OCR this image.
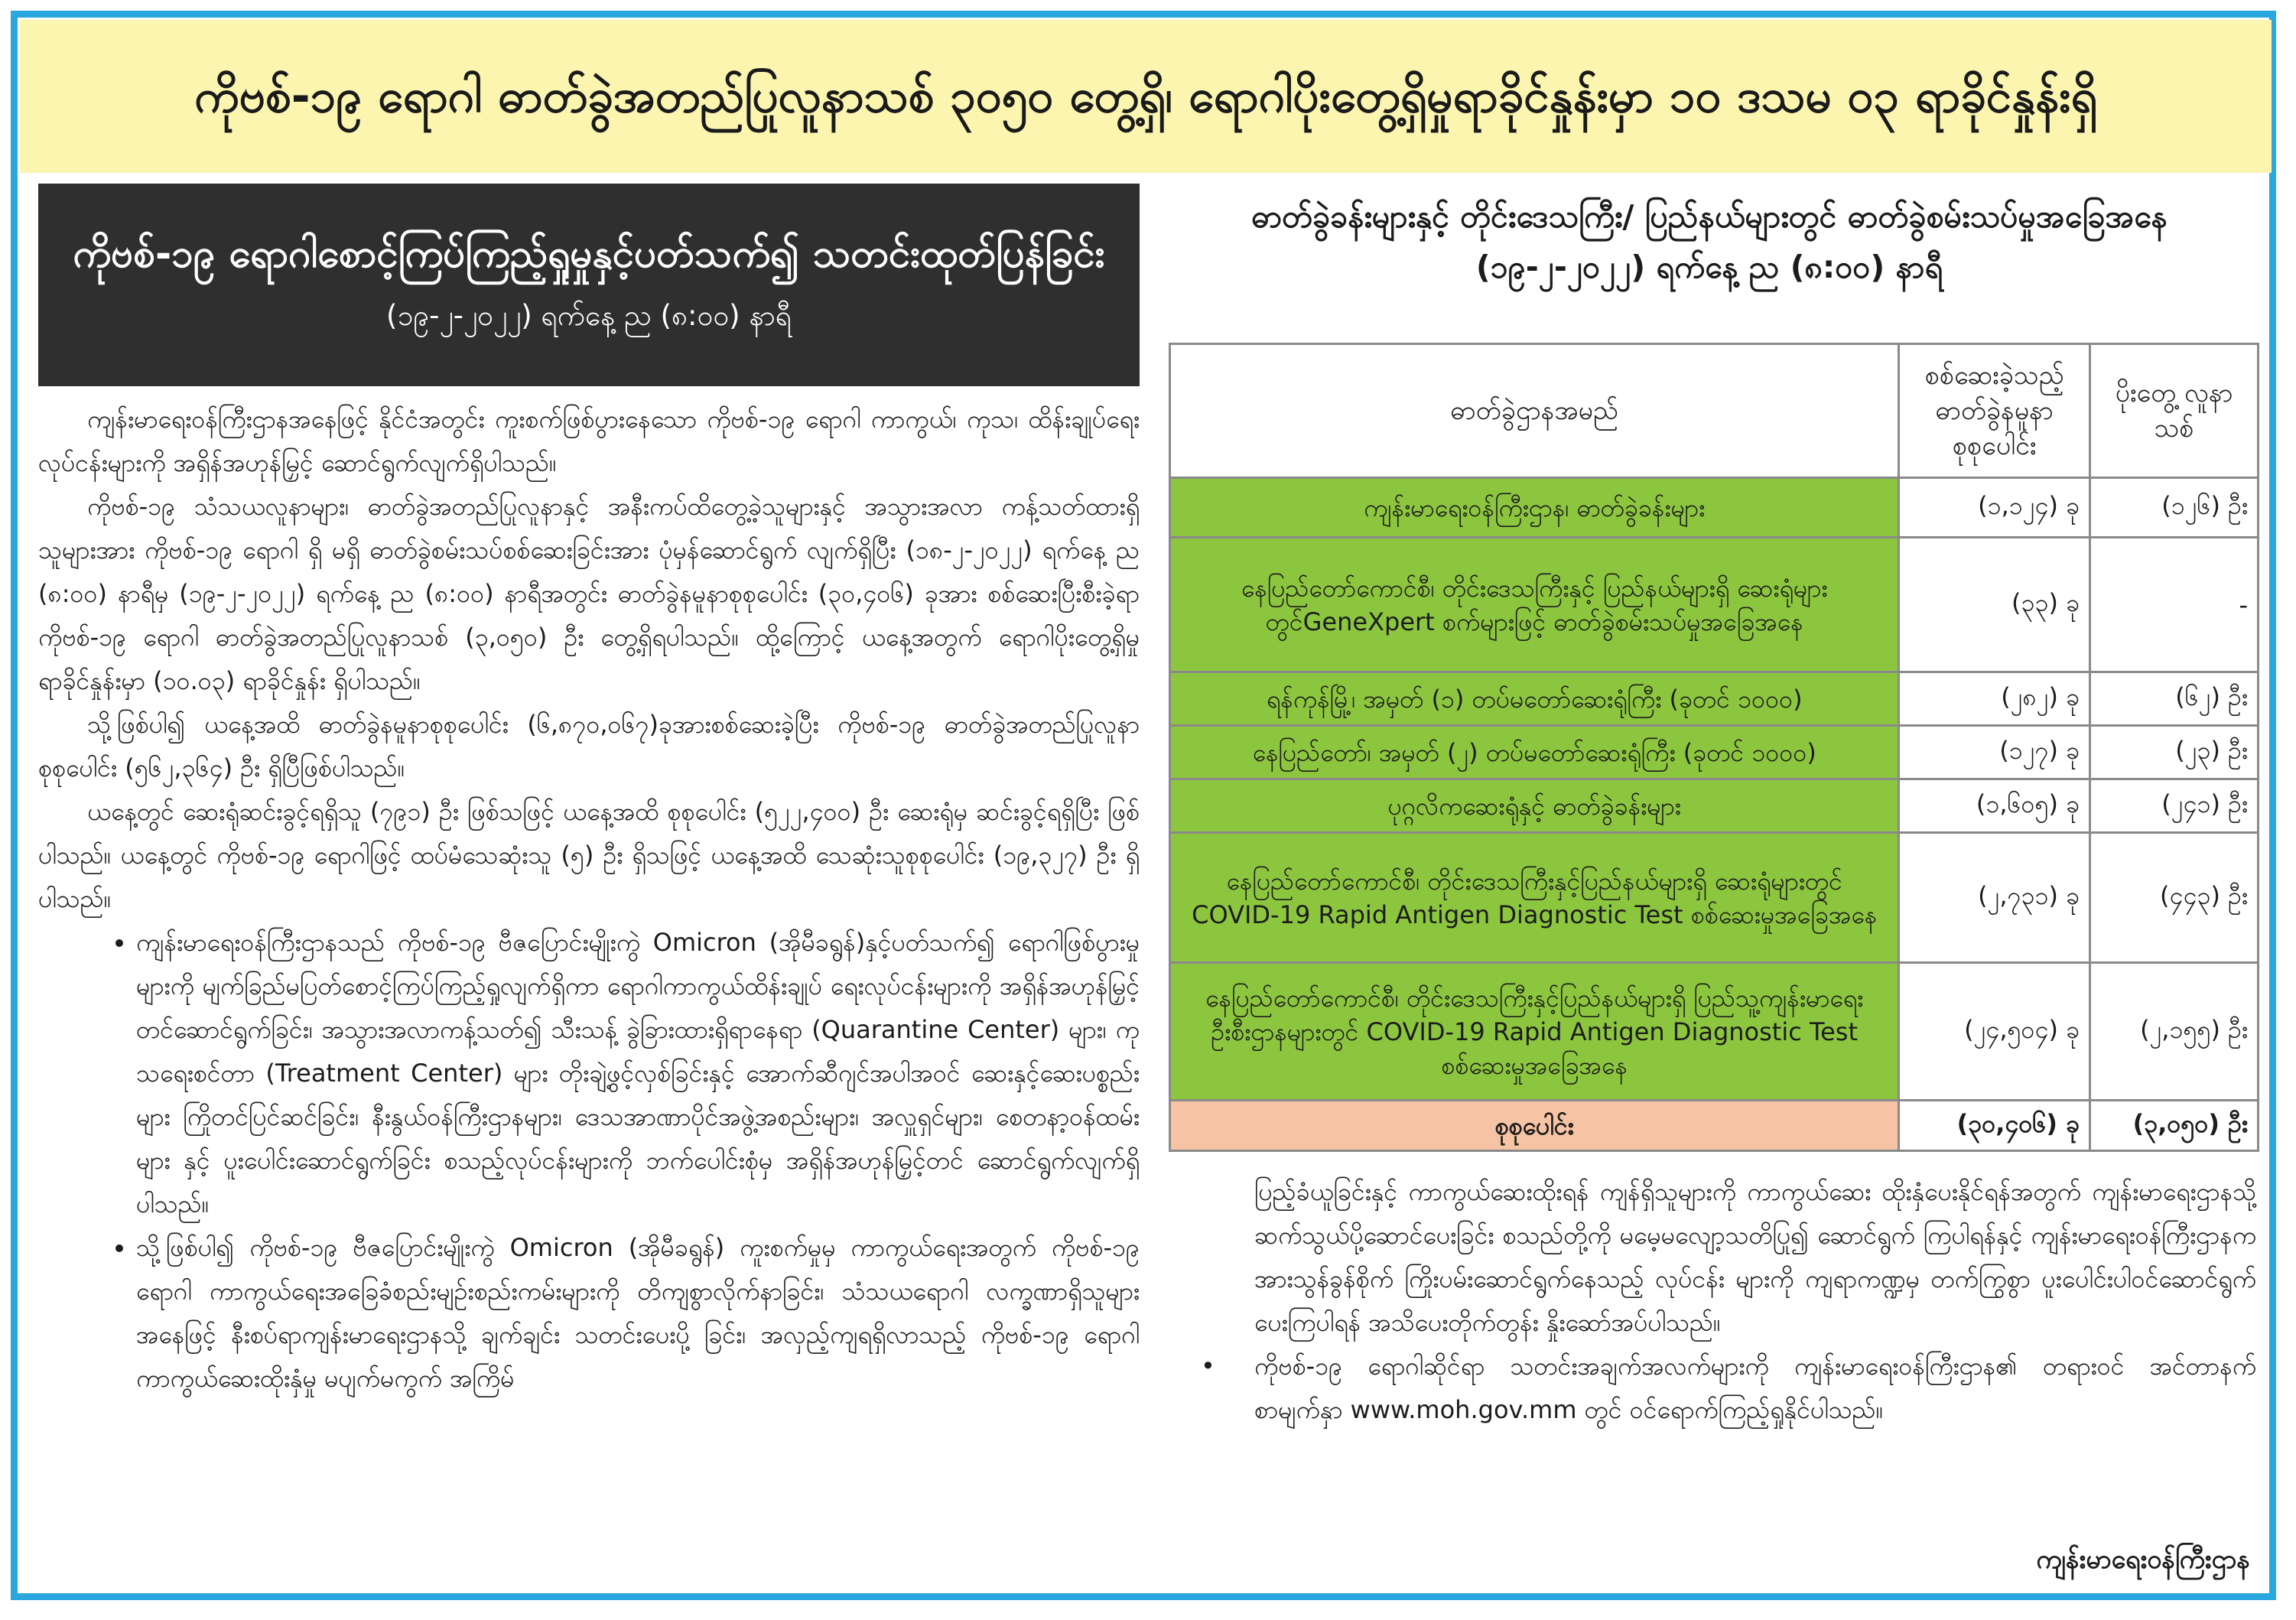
ကိုဗစ်-၁၉ ရောဂါ ဓာတ်ခွဲအတည်ပြုလူနာသစ် ၃၀၅၀ တွေ့ရှိ၊ ရောဂါပိုးတွေ့ရှိမှုရာခိုင်နှုန်းမှာ ၁၀ ဒသမ ၀၃ ရာခိုင်နှုန်းရှိ
ကိုဗစ်-၁၉ ရောဂါစောင့်ကြပ်ကြည့်ရှုမှုနှင့်ပတ်သက်၍ သတင်းထုတ်ပြန်ခြင်း
(၁၉-၂-၂၀၂၂) ရက်နေ့ ည (၈:၀၀) နာရီ

ကျန်းမာရေးဝန်ကြီးဌာနအနေဖြင့် နိုင်ငံအတွင်း ကူးစက်ဖြစ်ပွားနေသော ကိုဗစ်-၁၉ ရောဂါ ကာကွယ်၊ ကုသ၊ ထိန်းချုပ်ရေးလုပ်ငန်းများကို အရှိန်အဟုန်မြှင့် ဆောင်ရွက်လျက်ရှိပါသည်။

ကိုဗစ်-၁၉ သံသယလူနာများ၊ ဓာတ်ခွဲအတည်ပြုလူနာနှင့် အနီးကပ်ထိတွေ့ခဲ့သူများနှင့် အသွားအလာ ကန့်သတ်ထားရှိသူများအား ကိုဗစ်-၁၉ ရောဂါ ရှိ မရှိ ဓာတ်ခွဲစမ်းသပ်စစ်ဆေးခြင်းအား ပုံမှန်ဆောင်ရွက် လျက်ရှိပြီး (၁၈-၂-၂၀၂၂) ရက်နေ့ ည (၈:၀၀) နာရီမှ (၁၉-၂-၂၀၂၂) ရက်နေ့ ည (၈:၀၀) နာရီအတွင်း ဓာတ်ခွဲနမူနာစုစုပေါင်း (၃၀,၄၀၆) ခုအား စစ်ဆေးပြီးစီးခဲ့ရာ ကိုဗစ်-၁၉ ရောဂါ ဓာတ်ခွဲအတည်ပြုလူနာသစ် (၃,၀၅၀) ဦး တွေ့ရှိရပါသည်။ ထို့ကြောင့် ယနေ့အတွက် ရောဂါပိုးတွေ့ရှိမှု ရာခိုင်နှုန်းမှာ (၁၀.၀၃) ရာခိုင်နှုန်း ရှိပါသည်။

သို့ဖြစ်ပါ၍ ယနေ့အထိ ဓာတ်ခွဲနမူနာစုစုပေါင်း (၆,၈၇၀,၀၆၇)ခုအားစစ်ဆေးခဲ့ပြီး ကိုဗစ်-၁၉ ဓာတ်ခွဲအတည်ပြုလူနာစုစုပေါင်း (၅၆၂,၃၆၄) ဦး ရှိပြီဖြစ်ပါသည်။

ယနေ့တွင် ဆေးရုံဆင်းခွင့်ရရှိသူ (၇၉၁) ဦး ဖြစ်သဖြင့် ယနေ့အထိ စုစုပေါင်း (၅၂၂,၄၀၀) ဦး ဆေးရုံမှ ဆင်းခွင့်ရရှိပြီး ဖြစ်ပါသည်။ ယနေ့တွင် ကိုဗစ်-၁၉ ရောဂါဖြင့် ထပ်မံသေဆုံးသူ (၅) ဦး ရှိသဖြင့် ယနေ့အထိ သေဆုံးသူစုစုပေါင်း (၁၉,၃၂၇) ဦး ရှိပါသည်။

• ကျန်းမာရေးဝန်ကြီးဌာနသည် ကိုဗစ်-၁၉ ဗီဇပြောင်းမျိုးကွဲ Omicron (အိုမီခရွန်)နှင့်ပတ်သက်၍ ရောဂါဖြစ်ပွားမှုများကို မျက်ခြည်မပြတ်စောင့်ကြပ်ကြည့်ရှုလျက်ရှိကာ ရောဂါကာကွယ်ထိန်းချုပ် ရေးလုပ်ငန်းများကို အရှိန်အဟုန်မြှင့်တင်ဆောင်ရွက်ခြင်း၊ အသွားအလာကန့်သတ်၍ သီးသန့် ခွဲခြားထားရှိရာနေရာ (Quarantine Center) များ၊ ကုသရေးစင်တာ (Treatment Center) များ တိုးချဲ့ဖွင့်လှစ်ခြင်းနှင့် အောက်ဆီဂျင်အပါအဝင် ဆေးနှင့်ဆေးပစ္စည်းများ ကြိုတင်ပြင်ဆင်ခြင်း၊ နီးနွယ်ဝန်ကြီးဌာနများ၊ ဒေသအာဏာပိုင်အဖွဲ့အစည်းများ၊ အလှူရှင်များ၊ စေတနာ့ဝန်ထမ်းများ နှင့် ပူးပေါင်းဆောင်ရွက်ခြင်း စသည့်လုပ်ငန်းများကို ဘက်ပေါင်းစုံမှ အရှိန်အဟုန်မြှင့်တင် ဆောင်ရွက်လျက်ရှိပါသည်။
• သို့ဖြစ်ပါ၍ ကိုဗစ်-၁၉ ဗီဇပြောင်းမျိုးကွဲ Omicron (အိုမီခရွန်) ကူးစက်မှုမှ ကာကွယ်ရေးအတွက် ကိုဗစ်-၁၉ ရောဂါ ကာကွယ်ရေးအခြေခံစည်းမျဉ်းစည်းကမ်းများကို တိကျစွာလိုက်နာခြင်း၊ သံသယရောဂါ လက္ခဏာရှိသူများအနေဖြင့် နီးစပ်ရာကျန်းမာရေးဌာနသို့ ချက်ချင်း သတင်းပေးပို့ ခြင်း၊ အလှည့်ကျရရှိလာသည့် ကိုဗစ်-၁၉ ရောဂါ ကာကွယ်ဆေးထိုးနှံမှု မပျက်မကွက် အကြိမ်
ဓာတ်ခွဲခန်းများနှင့် တိုင်းဒေသကြီး/ ပြည်နယ်များတွင် ဓာတ်ခွဲစမ်းသပ်မှုအခြေအနေ
(၁၉-၂-၂၀၂၂) ရက်နေ့ ည (၈:၀၀) နာရီ
ဓာတ်ခွဲဌာနအမည်	စစ်ဆေးခဲ့သည့် ဓာတ်ခွဲနမူနာ စုစုပေါင်း	ပိုးတွေ့ လူနာသစ်
ကျန်းမာရေးဝန်ကြီးဌာန၊ ဓာတ်ခွဲခန်းများ	(၁,၁၂၄) ခု	(၁၂၆) ဦး
နေပြည်တော်ကောင်စီ၊ တိုင်းဒေသကြီးနှင့် ပြည်နယ်များရှိ ဆေးရုံများတွင်GeneXpert စက်များဖြင့် ဓာတ်ခွဲစမ်းသပ်မှုအခြေအနေ	(၃၃) ခု	-
ရန်ကုန်မြို့၊ အမှတ် (၁) တပ်မတော်ဆေးရုံကြီး (ခုတင် ၁၀၀၀)	(၂၈၂) ခု	(၆၂) ဦး
နေပြည်တော်၊ အမှတ် (၂) တပ်မတော်ဆေးရုံကြီး (ခုတင် ၁၀၀၀)	(၁၂၇) ခု	(၂၃) ဦး
ပုဂ္ဂလိကဆေးရုံနှင့် ဓာတ်ခွဲခန်းများ	(၁,၆၀၅) ခု	(၂၄၁) ဦး
နေပြည်တော်ကောင်စီ၊ တိုင်းဒေသကြီးနှင့်ပြည်နယ်များရှိ ဆေးရုံများတွင် COVID-19 Rapid Antigen Diagnostic Test စစ်ဆေးမှုအခြေအနေ	(၂,၇၃၁) ခု	(၄၄၃) ဦး
နေပြည်တော်ကောင်စီ၊ တိုင်းဒေသကြီးနှင့်ပြည်နယ်များရှိ ပြည်သူ့ကျန်းမာရေးဦးစီးဌာနများတွင် COVID-19 Rapid Antigen Diagnostic Test စစ်ဆေးမှုအခြေအနေ	(၂၄,၅၀၄) ခု	(၂,၁၅၅) ဦး
စုစုပေါင်း	(၃၀,၄၀၆) ခု	(၃,၀၅၀) ဦး

ပြည့်ခံယူခြင်းနှင့် ကာကွယ်ဆေးထိုးရန် ကျန်ရှိသူများကို ကာကွယ်ဆေး ထိုးနှံပေးနိုင်ရန်အတွက် ကျန်းမာရေးဌာနသို့ ဆက်သွယ်ပို့ဆောင်ပေးခြင်း စသည်တို့ကို မမေ့မလျော့သတိပြု၍ ဆောင်ရွက် ကြပါရန်နှင့် ကျန်းမာရေးဝန်ကြီးဌာနက အားသွန်ခွန်စိုက် ကြိုးပမ်းဆောင်ရွက်နေသည့် လုပ်ငန်း များကို ကျရာကဏ္ဍမှ တက်ကြွစွာ ပူးပေါင်းပါဝင်ဆောင်ရွက်ပေးကြပါရန် အသိပေးတိုက်တွန်း နှိုးဆော်အပ်ပါသည်။

• ကိုဗစ်-၁၉ ရောဂါဆိုင်ရာ သတင်းအချက်အလက်များကို ကျန်းမာရေးဝန်ကြီးဌာန၏ တရားဝင် အင်တာနက်စာမျက်နှာ www.moh.gov.mm တွင် ဝင်ရောက်ကြည့်ရှုနိုင်ပါသည်။
ကျန်းမာရေးဝန်ကြီးဌာန
